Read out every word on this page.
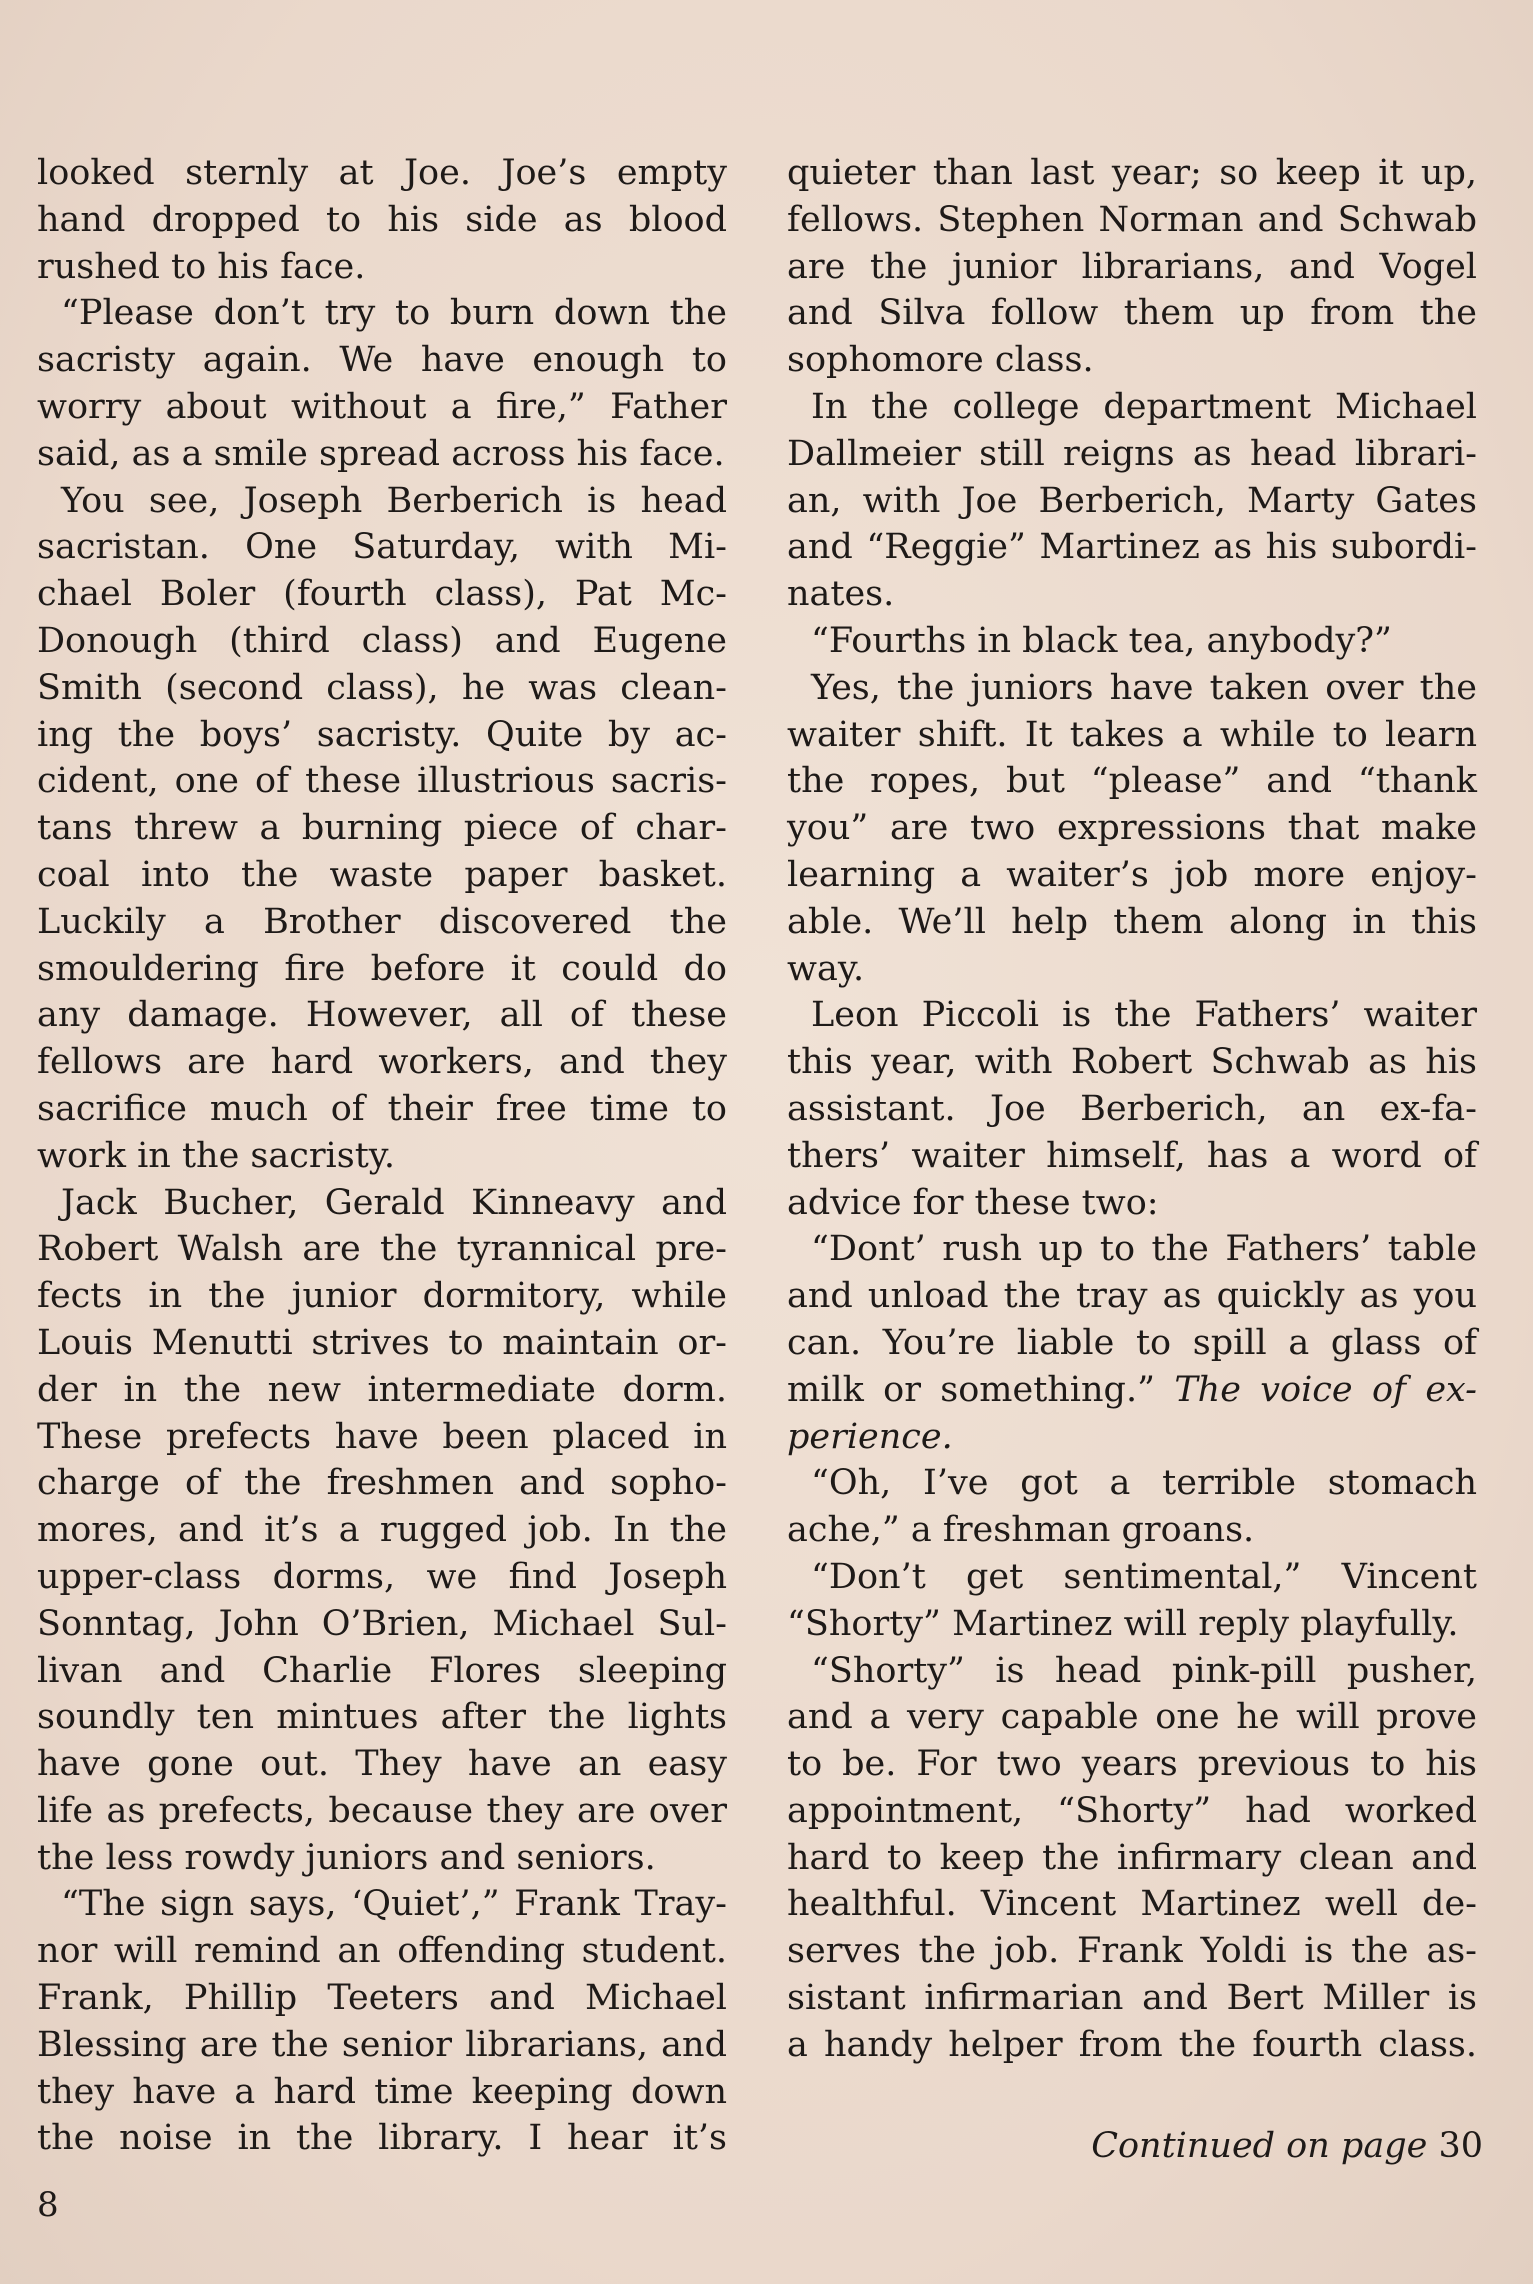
looked sternly at Joe. Joe’s empty
hand dropped to his side as blood
rushed to his face.
“Please don’t try to burn down the
sacristy again. We have enough to
worry about without a fire,” Father
said, as a smile spread across his face.
You see, Joseph Berberich is head
sacristan. One Saturday, with Mi-
chael Boler (fourth class), Pat Mc-
Donough (third class) and Eugene
Smith (second class), he was clean-
ing the boys’ sacristy. Quite by ac-
cident, one of these illustrious sacris-
tans threw a burning piece of char-
coal into the waste paper basket.
Luckily a Brother discovered the
smouldering fire before it could do
any damage. However, all of these
fellows are hard workers, and they
sacrifice much of their free time to
work in the sacristy.
Jack Bucher, Gerald Kinneavy and
Robert Walsh are the tyrannical pre-
fects in the junior dormitory, while
Louis Menutti strives to maintain or-
der in the new intermediate dorm.
These prefects have been placed in
charge of the freshmen and sopho-
mores, and it’s a rugged job. In the
upper-class dorms, we find Joseph
Sonntag, John O’Brien, Michael Sul-
livan and Charlie Flores sleeping
soundly ten mintues after the lights
have gone out. They have an easy
life as prefects, because they are over
the less rowdy juniors and seniors.
“The sign says, ‘Quiet’,” Frank Tray-
nor will remind an offending student.
Frank, Phillip Teeters and Michael
Blessing are the senior librarians, and
they have a hard time keeping down
the noise in the library. I hear it’s
quieter than last year; so keep it up,
fellows. Stephen Norman and Schwab
are the junior librarians, and Vogel
and Silva follow them up from the
sophomore class.
In the college department Michael
Dallmeier still reigns as head librari-
an, with Joe Berberich, Marty Gates
and “Reggie” Martinez as his subordi-
nates.
“Fourths in black tea, anybody?”
Yes, the juniors have taken over the
waiter shift. It takes a while to learn
the ropes, but “please” and “thank
you” are two expressions that make
learning a waiter’s job more enjoy-
able. We’ll help them along in this
way.
Leon Piccoli is the Fathers’ waiter
this year, with Robert Schwab as his
assistant. Joe Berberich, an ex-fa-
thers’ waiter himself, has a word of
advice for these two:
“Dont’ rush up to the Fathers’ table
and unload the tray as quickly as you
can. You’re liable to spill a glass of
milk or something.” The voice of ex-
perience.
“Oh, I’ve got a terrible stomach
ache,” a freshman groans.
“Don’t get sentimental,” Vincent
“Shorty” Martinez will reply playfully.
“Shorty” is head pink-pill pusher,
and a very capable one he will prove
to be. For two years previous to his
appointment, “Shorty” had worked
hard to keep the infirmary clean and
healthful. Vincent Martinez well de-
serves the job. Frank Yoldi is the as-
sistant infirmarian and Bert Miller is
a handy helper from the fourth class.
Continued on page 30
8
